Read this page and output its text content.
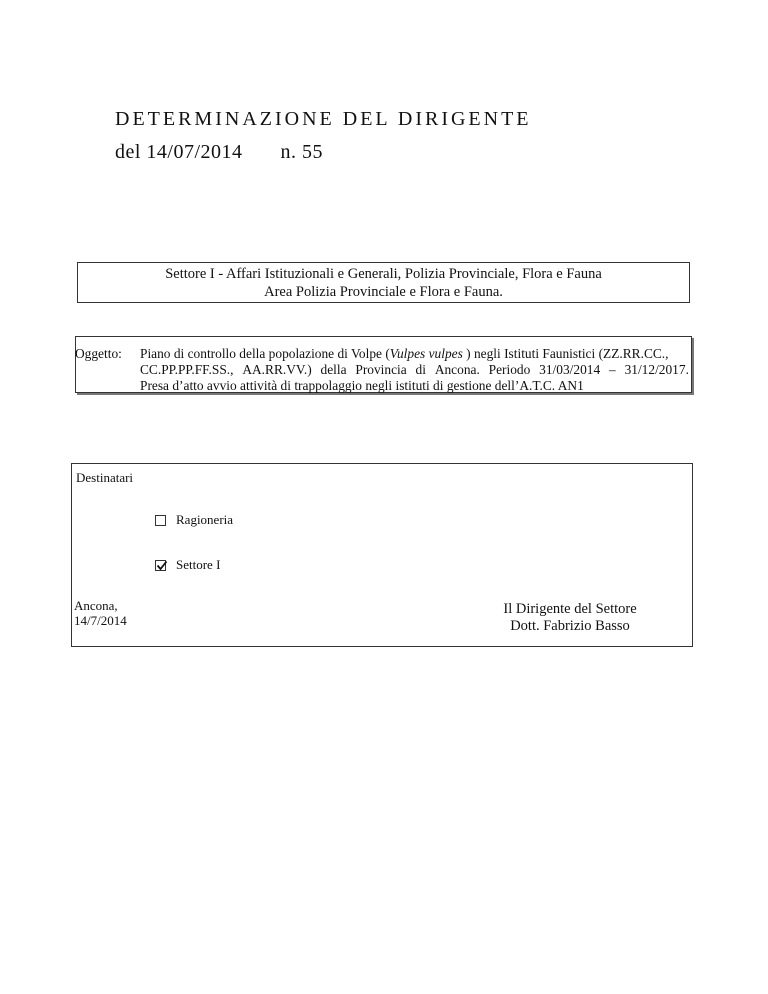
DETERMINAZIONE DEL DIRIGENTE
del 14/07/2014 n. 55
Settore I - Affari Istituzionali e Generali, Polizia Provinciale, Flora e Fauna
Area Polizia Provinciale e Flora e Fauna.
Oggetto: Piano di controllo della popolazione di Volpe (Vulpes vulpes ) negli Istituti Faunistici (ZZ.RR.CC.,
CC.PP.PP.FF.SS., AA.RR.VV.) della Provincia di Ancona. Periodo 31/03/2014 – 31/12/2017.
Presa d’atto avvio attività di trappolaggio negli istituti di gestione dell’A.T.C. AN1
Destinatari
Ragioneria
Settore I
Ancona,
14/7/2014
Il Dirigente del Settore
Dott. Fabrizio Basso
